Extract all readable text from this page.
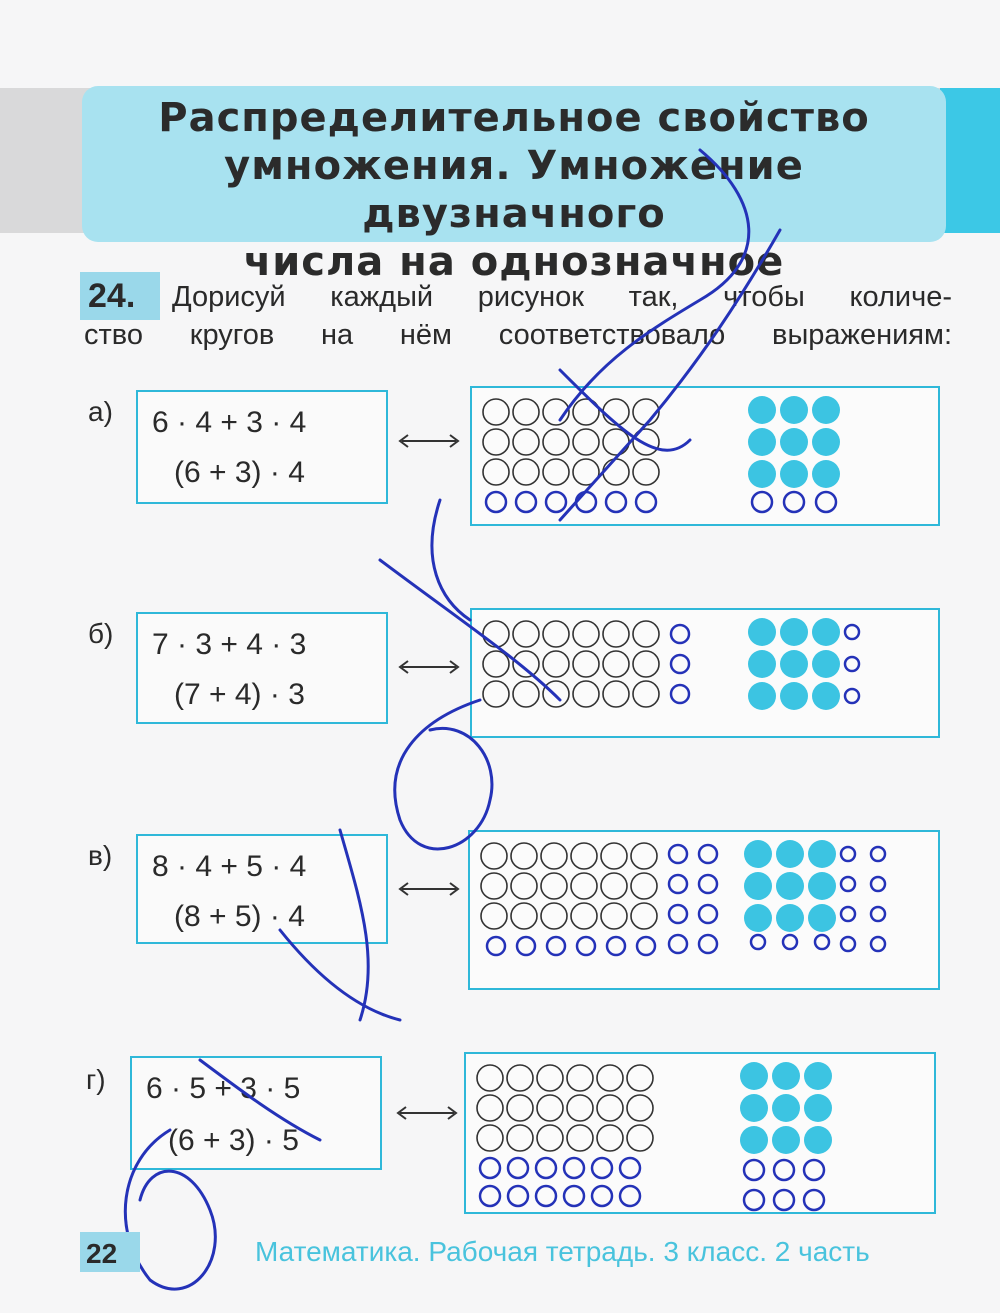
Распределительное свойство
умножения. Умножение двузначного
числа на однозначное
24.	Дорисуй каждый рисунок так, чтобы количе-
ство кругов на нём соответствовало выражениям:
а) 6 · 4 + 3 · 4
(6 + 3) · 4
б) 7 · 3 + 4 · 3
(7 + 4) · 3
в) 8 · 4 + 5 · 4
(8 + 5) · 4
г) 6 · 5 + 3 · 5
(6 + 3) · 5
22	Математика. Рабочая тетрадь. 3 класс. 2 часть
